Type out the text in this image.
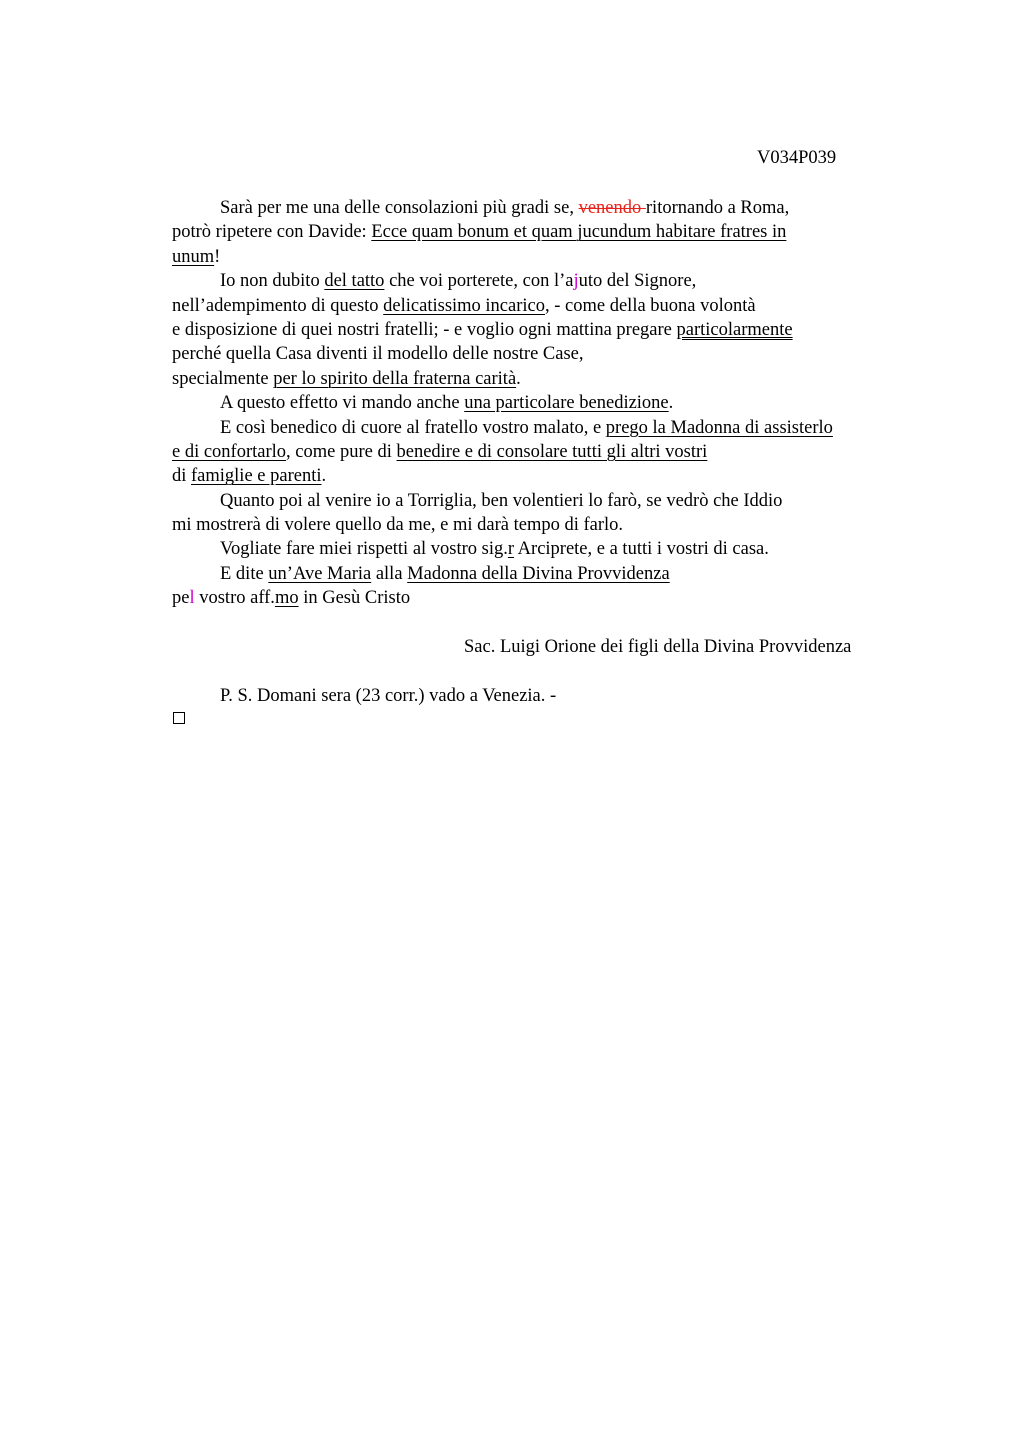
V034P039
Sarà per me una delle consolazioni più gradi se, venendo ritornando a Roma,
potrò ripetere con Davide: Ecce quam bonum et quam jucundum habitare fratres in
unum!
Io non dubito del tatto che voi porterete, con l’ajuto del Signore,
nell’adempimento di questo delicatissimo incarico, - come della buona volontà
e disposizione di quei nostri fratelli; - e voglio ogni mattina pregare particolarmente
perché quella Casa diventi il modello delle nostre Case,
specialmente per lo spirito della fraterna carità.
A questo effetto vi mando anche una particolare benedizione.
E così benedico di cuore al fratello vostro malato, e prego la Madonna di assisterlo
e di confortarlo, come pure di benedire e di consolare tutti gli altri vostri
di famiglie e parenti.
Quanto poi al venire io a Torriglia, ben volentieri lo farò, se vedrò che Iddio
mi mostrerà di volere quello da me, e mi darà tempo di farlo.
Vogliate fare miei rispetti al vostro sig.r Arciprete, e a tutti i vostri di casa.
E dite un’Ave Maria alla Madonna della Divina Provvidenza
pel vostro aff.mo in Gesù Cristo
Sac. Luigi Orione dei figli della Divina Provvidenza
P. S. Domani sera (23 corr.) vado a Venezia. -
